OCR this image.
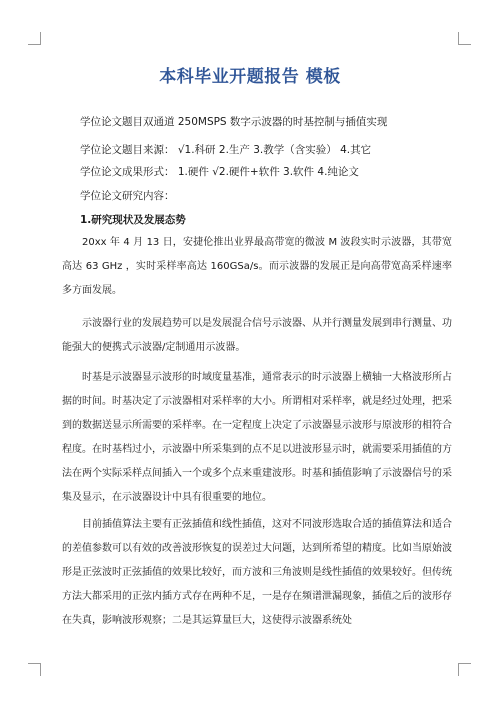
本科毕业开题报告 模板
学位论文题目双通道 250MSPS 数字示波器的时基控制与插值实现
学位论文题目来源： √1.科研 2.生产 3.教学（含实验） 4.其它
学位论文成果形式： 1.硬件 √2.硬件+软件 3.软件 4.纯论文
学位论文研究内容：
1.研究现状及发展态势
20xx 年 4 月 13 日，安捷伦推出业界最高带宽的微波 M 波段实时示波器，其带宽高达 63 GHz ，实时采样率高达 160GSa/s。而示波器的发展正是向高带宽高采样速率多方面发展。
示波器行业的发展趋势可以是发展混合信号示波器、从并行测量发展到串行测量、功能强大的便携式示波器/定制通用示波器。
时基是示波器显示波形的时域度量基准，通常表示的时示波器上横轴一大格波形所占据的时间。时基决定了示波器相对采样率的大小。所谓相对采样率，就是经过处理，把采到的数据送显示所需要的采样率。在一定程度上决定了示波器显示波形与原波形的相符合程度。在时基档过小，示波器中所采集到的点不足以进波形显示时，就需要采用插值的方法在两个实际采样点间插入一个或多个点来重建波形。时基和插值影响了示波器信号的采集及显示，在示波器设计中具有很重要的地位。
目前插值算法主要有正弦插值和线性插值，这对不同波形选取合适的插值算法和适合的差值参数可以有效的改善波形恢复的误差过大问题，达到所希望的精度。比如当原始波形是正弦波时正弦插值的效果比较好，而方波和三角波则是线性插值的效果较好。但传统方法大都采用的正弦内插方式存在两种不足，一是存在频谱泄漏现象，插值之后的波形存在失真，影响波形观察；二是其运算量巨大，这使得示波器系统处
